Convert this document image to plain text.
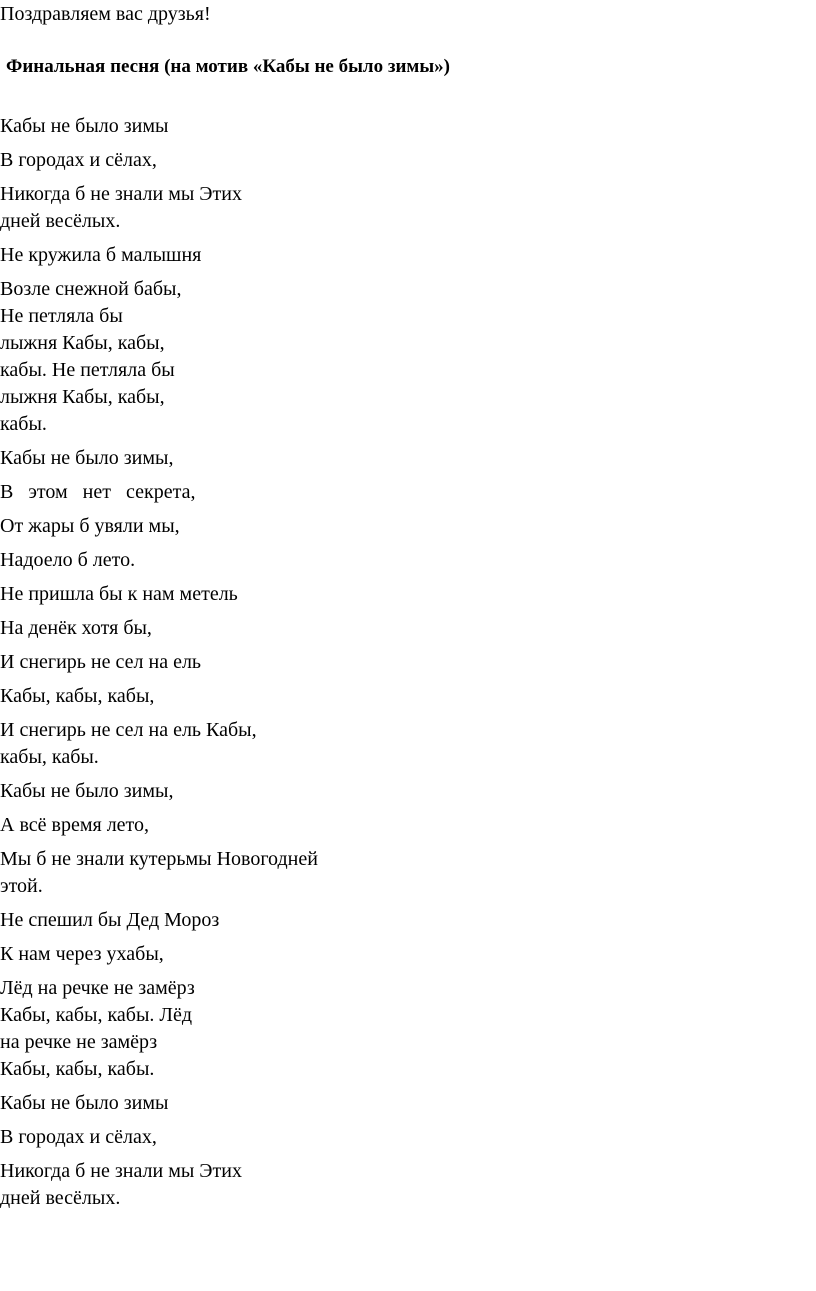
Поздравляем вас друзья!
Финальная песня (на мотив «Кабы не было зимы»)

Кабы не было зимы

В городах и сёлах,

Никогда б не знали мы Этих

дней весёлых.

Не кружила б малышня

Возле снежной бабы,

Не петляла бы

лыжня Кабы, кабы,

кабы. Не петляла бы

лыжня Кабы, кабы,

кабы.

Кабы не было зимы,

В этом нет секрета,

От жары б увяли мы,

Надоело б лето.

Не пришла бы к нам метель

На денёк хотя бы,

И снегирь не сел на ель

Кабы, кабы, кабы,

И снегирь не сел на ель Кабы,

кабы, кабы.

Кабы не было зимы,

А всё время лето,

Мы б не знали кутерьмы Новогодней

этой.

Не спешил бы Дед Мороз

К нам через ухабы,

Лёд на речке не замёрз

Кабы, кабы, кабы. Лёд

на речке не замёрз

Кабы, кабы, кабы.

Кабы не было зимы

В городах и сёлах,

Никогда б не знали мы Этих

дней весёлых.
